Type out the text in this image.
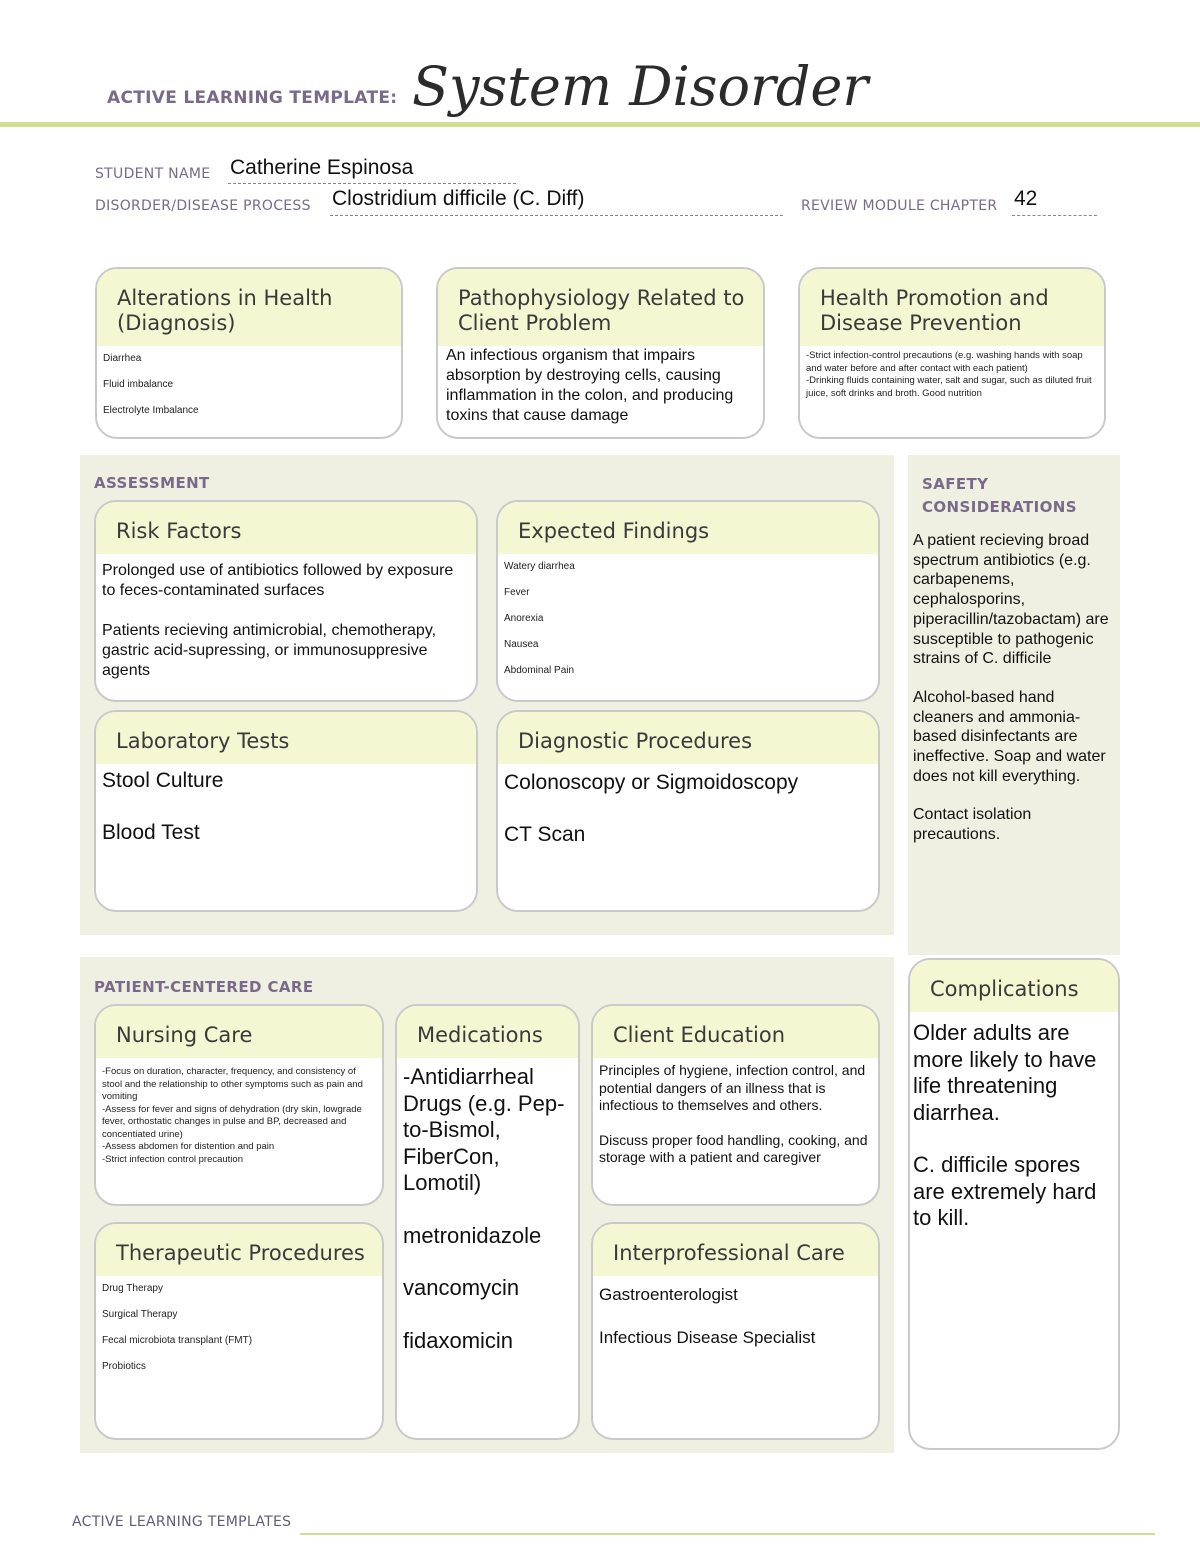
ACTIVE LEARNING TEMPLATE: System Disorder
STUDENT NAME Catherine Espinosa
DISORDER/DISEASE PROCESS Clostridium difficile (C. Diff)	REVIEW MODULE CHAPTER 42
Alterations in Health (Diagnosis)
Diarrhea
Fluid imbalance
Electrolyte Imbalance
Pathophysiology Related to Client Problem
An infectious organism that impairs absorption by destroying cells, causing inflammation in the colon, and producing toxins that cause damage
Health Promotion and Disease Prevention
-Strict infection-control precautions (e.g. washing hands with soap and water before and after contact with each patient)
-Drinking fluids containing water, salt and sugar, such as diluted fruit juice, soft drinks and broth. Good nutrition
ASSESSMENT
Risk Factors
Prolonged use of antibiotics followed by exposure to feces-contaminated surfaces
Patients recieving antimicrobial, chemotherapy, gastric acid-supressing, or immunosuppresive agents
Expected Findings
Watery diarrhea
Fever
Anorexia
Nausea
Abdominal Pain
Laboratory Tests
Stool Culture
Blood Test
Diagnostic Procedures
Colonoscopy or Sigmoidoscopy
CT Scan
SAFETY CONSIDERATIONS
A patient recieving broad spectrum antibiotics (e.g. carbapenems, cephalosporins, piperacillin/tazobactam) are susceptible to pathogenic strains of C. difficile
Alcohol-based hand cleaners and ammonia-based disinfectants are ineffective. Soap and water does not kill everything.
Contact isolation precautions.
PATIENT-CENTERED CARE
Nursing Care
-Focus on duration, character, frequency, and consistency of stool and the relationship to other symptoms such as pain and vomiting
-Assess for fever and signs of dehydration (dry skin, lowgrade fever, orthostatic changes in pulse and BP, decreased and concentiated urine)
-Assess abdomen for distention and pain
-Strict infection control precaution
Therapeutic Procedures
Drug Therapy
Surgical Therapy
Fecal microbiota transplant (FMT)
Probiotics
Medications
-Antidiarrheal Drugs (e.g. Pep-to-Bismol, FiberCon, Lomotil)
metronidazole
vancomycin
fidaxomicin
Client Education
Principles of hygiene, infection control, and potential dangers of an illness that is infectious to themselves and others.
Discuss proper food handling, cooking, and storage with a patient and caregiver
Interprofessional Care
Gastroenterologist
Infectious Disease Specialist
Complications
Older adults are more likely to have life threatening diarrhea.
C. difficile spores are extremely hard to kill.
ACTIVE LEARNING TEMPLATES
